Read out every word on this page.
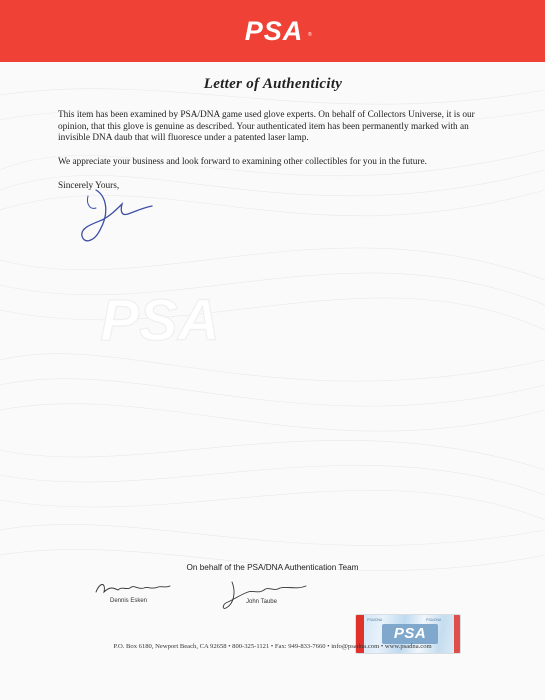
PSA ®
Letter of Authenticity
This item has been examined by PSA/DNA game used glove experts. On behalf of Collectors Universe, it is our opinion, that this glove is genuine as described. Your authenticated item has been permanently marked with an invisible DNA daub that will fluoresce under a patented laser lamp.
We appreciate your business and look forward to examining other collectibles for you in the future.
Sincerely Yours,
PSA
On behalf of the PSA/DNA Authentication Team
Dennis Esken	John Taube
PSA/DNA	PSA/DNA
PSA
P.O. Box 6180, Newport Beach, CA 92658 • 800-325-1121 • Fax: 949-833-7660 • info@psadna.com • www.psadna.com
